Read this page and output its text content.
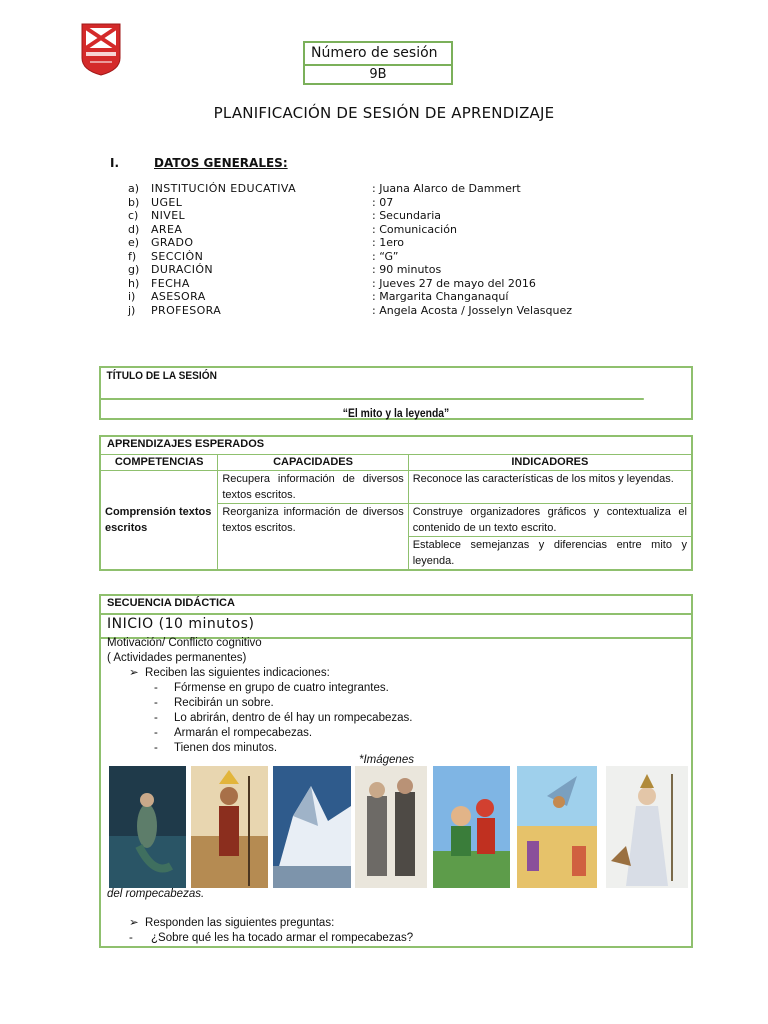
Número de sesión
9B
PLANIFICACIÓN DE SESIÓN DE APRENDIZAJE
I.	DATOS GENERALES:
a)	INSTITUCIÓN EDUCATIVA	: Juana Alarco de Dammert
b)	UGEL	: 07
c)	NIVEL	: Secundaria
d)	AREA	: Comunicación
e)	GRADO	: 1ero
f)	SECCIÒN	: “G”
g)	DURACIÓN	: 90 minutos
h)	FECHA	: Jueves 27 de mayo del 2016
i)	ASESORA	: Margarita Changanaquí
j)	PROFESORA	: Angela Acosta / Josselyn Velasquez
TÍTULO DE LA SESIÓN
“El mito y la leyenda”
APRENDIZAJES ESPERADOS		
COMPETENCIAS	CAPACIDADES	INDICADORES
Comprensión textos escritos	Recupera información de diversos textos escritos.	Reconoce las características de los mitos y leyendas.
	Reorganiza información de diversos textos escritos.	Construye organizadores gráficos y contextualiza el contenido de un texto escrito.
		Establece semejanzas y diferencias entre mito y leyenda.
SECUENCIA DIDÁCTICA
INICIO (10 minutos)
Motivación/ Conflicto cognitivo
( Actividades permanentes)
➢  Reciben las siguientes indicaciones:
- Fórmense en grupo de cuatro integrantes.
- Recibirán un sobre.
- Lo abrirán, dentro de él hay un rompecabezas.
- Armarán el rompecabezas.
- Tienen dos minutos.
*Imágenes
del rompecabezas.
➢  Responden las siguientes preguntas:
- ¿Sobre qué les ha tocado armar el rompecabezas?
